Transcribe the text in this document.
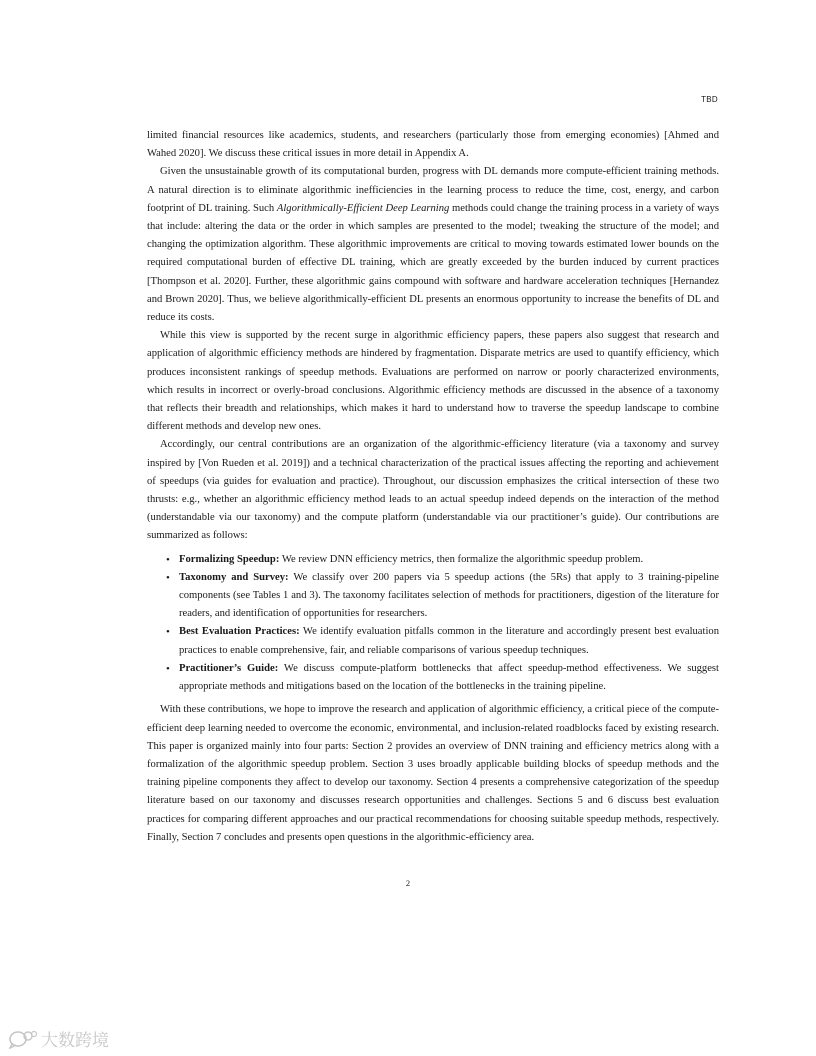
TBD

limited financial resources like academics, students, and researchers (particularly those from emerging economies) [Ahmed and Wahed 2020]. We discuss these critical issues in more detail in Appendix A.

Given the unsustainable growth of its computational burden, progress with DL demands more compute-efficient training methods. A natural direction is to eliminate algorithmic inefficiencies in the learning process to reduce the time, cost, energy, and carbon footprint of DL training. Such Algorithmically-Efficient Deep Learning methods could change the training process in a variety of ways that include: altering the data or the order in which samples are presented to the model; tweaking the structure of the model; and changing the optimization algorithm. These algorithmic improvements are critical to moving towards estimated lower bounds on the required computational burden of effective DL training, which are greatly exceeded by the burden induced by current practices [Thompson et al. 2020]. Further, these algorithmic gains compound with software and hardware acceleration techniques [Hernandez and Brown 2020]. Thus, we believe algorithmically-efficient DL presents an enormous opportunity to increase the benefits of DL and reduce its costs.

While this view is supported by the recent surge in algorithmic efficiency papers, these papers also suggest that research and application of algorithmic efficiency methods are hindered by fragmentation. Disparate metrics are used to quantify efficiency, which produces inconsistent rankings of speedup methods. Evaluations are performed on narrow or poorly characterized environments, which results in incorrect or overly-broad conclusions. Algorithmic efficiency methods are discussed in the absence of a taxonomy that reflects their breadth and relationships, which makes it hard to understand how to traverse the speedup landscape to combine different methods and develop new ones.

Accordingly, our central contributions are an organization of the algorithmic-efficiency literature (via a taxonomy and survey inspired by [Von Rueden et al. 2019]) and a technical characterization of the practical issues affecting the reporting and achievement of speedups (via guides for evaluation and practice). Throughout, our discussion emphasizes the critical intersection of these two thrusts: e.g., whether an algorithmic efficiency method leads to an actual speedup indeed depends on the interaction of the method (understandable via our taxonomy) and the compute platform (understandable via our practitioner’s guide). Our contributions are summarized as follows:

• Formalizing Speedup: We review DNN efficiency metrics, then formalize the algorithmic speedup problem.
• Taxonomy and Survey: We classify over 200 papers via 5 speedup actions (the 5Rs) that apply to 3 training-pipeline components (see Tables 1 and 3). The taxonomy facilitates selection of methods for practitioners, digestion of the literature for readers, and identification of opportunities for researchers.
• Best Evaluation Practices: We identify evaluation pitfalls common in the literature and accordingly present best evaluation practices to enable comprehensive, fair, and reliable comparisons of various speedup techniques.
• Practitioner’s Guide: We discuss compute-platform bottlenecks that affect speedup-method effectiveness. We suggest appropriate methods and mitigations based on the location of the bottlenecks in the training pipeline.

With these contributions, we hope to improve the research and application of algorithmic efficiency, a critical piece of the compute-efficient deep learning needed to overcome the economic, environmental, and inclusion-related roadblocks faced by existing research. This paper is organized mainly into four parts: Section 2 provides an overview of DNN training and efficiency metrics along with a formalization of the algorithmic speedup problem. Section 3 uses broadly applicable building blocks of speedup methods and the training pipeline components they affect to develop our taxonomy. Section 4 presents a comprehensive categorization of the speedup literature based on our taxonomy and discusses research opportunities and challenges. Sections 5 and 6 discuss best evaluation practices for comparing different approaches and our practical recommendations for choosing suitable speedup methods, respectively. Finally, Section 7 concludes and presents open questions in the algorithmic-efficiency area.

2
大数跨境
